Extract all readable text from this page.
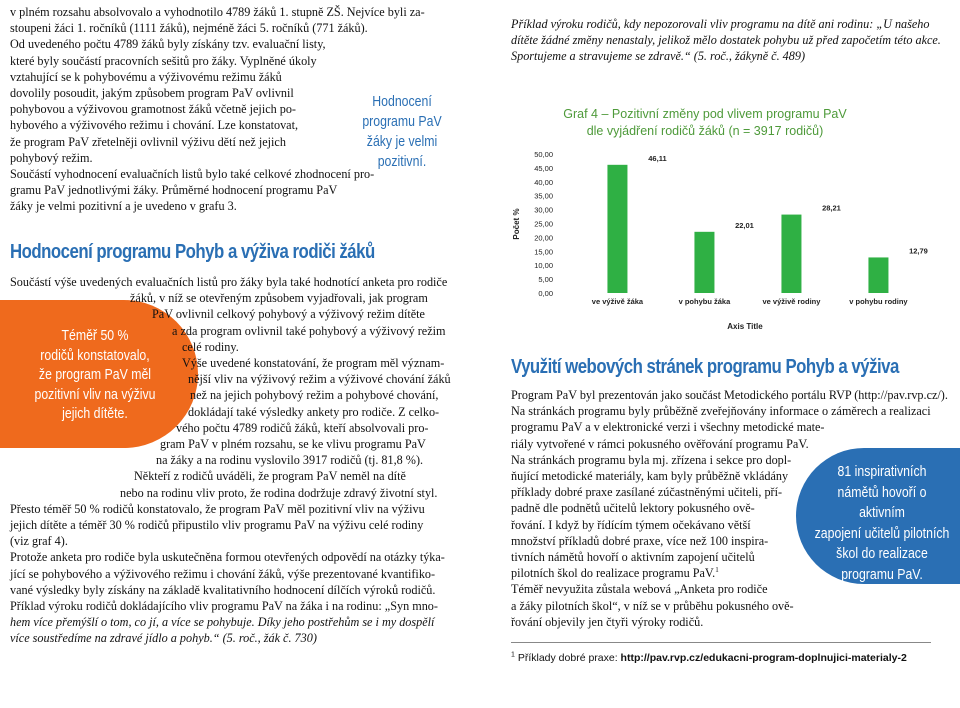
v plném rozsahu absolvovalo a vyhodnotilo 4789 žáků 1. stupně ZŠ. Nejvíce byli za-
stoupeni žáci 1. ročníků (1111 žáků), nejméně žáci 5. ročníků (771 žáků).
Od uvedeného počtu 4789 žáků byly získány tzv. evaluační listy,
které byly součástí pracovních sešitů pro žáky. Vyplněné úkoly
vztahující se k pohybovému a výživovému režimu žáků
dovolily posoudit, jakým způsobem program PaV ovlivnil
pohybovou a výživovou gramotnost žáků včetně jejich po-
hybového a výživového režimu i chování. Lze konstatovat,
že program PaV zřetelněji ovlivnil výživu dětí než jejich
pohybový režim.
Součástí vyhodnocení evaluačních listů bylo také celkové zhodnocení pro-
gramu PaV jednotlivými žáky. Průměrné hodnocení programu PaV
žáky je velmi pozitivní a je uvedeno v grafu 3.
Hodnocení
programu PaV
žáky je velmi
pozitivní.
Hodnocení programu Pohyb a výživa rodiči žáků
Téměř 50 %
rodičů konstatovalo,
že program PaV měl
pozitivní vliv na výživu
jejich dítěte.
Součástí výše uvedených evaluačních listů pro žáky byla také hodnotící anketa pro rodiče
žáků, v níž se otevřeným způsobem vyjadřovali, jak program
PaV ovlivnil celkový pohybový a výživový režim dítěte
a zda program ovlivnil také pohybový a výživový režim
celé rodiny.
Výše uvedené konstatování, že program měl význam-
nější vliv na výživový režim a výživové chování žáků
než na jejich pohybový režim a pohybové chování,
dokládají také výsledky ankety pro rodiče. Z celko-
vého počtu 4789 rodičů žáků, kteří absolvovali pro-
gram PaV v plném rozsahu, se ke vlivu programu PaV
na žáky a na rodinu vyslovilo 3917 rodičů (tj. 81,8 %).
Někteří z rodičů uváděli, že program PaV neměl na dítě
nebo na rodinu vliv proto, že rodina dodržuje zdravý životní styl.
Přesto téměř 50 % rodičů konstatovalo, že program PaV měl pozitivní vliv na výživu
jejich dítěte a téměř 30 % rodičů připustilo vliv programu PaV na výživu celé rodiny
(viz graf 4).
Protože anketa pro rodiče byla uskutečněna formou otevřených odpovědí na otázky týka-
jící se pohybového a výživového režimu i chování žáků, výše prezentované kvantifiko-
vané výsledky byly získány na základě kvalitativního hodnocení dílčích výroků rodičů.
Příklad výroku rodičů dokládajícího vliv programu PaV na žáka i na rodinu: „Syn mno-
hem více přemýšlí o tom, co jí, a více se pohybuje. Díky jeho postřehům se i my dospělí
více soustředíme na zdravé jídlo a pohyb.“ (5. roč., žák č. 730)
Příklad výroku rodičů, kdy nepozorovali vliv programu na dítě ani rodinu: „U našeho
dítěte žádné změny nenastaly, jelikož mělo dostatek pohybu už před započetím této akce.
Sportujeme a stravujeme se zdravě.“ (5. roč., žákyně č. 489)
Graf 4 – Pozitivní změny pod vlivem programu PaV
dle vyjádření rodičů žáků (n = 3917 rodičů)
0,00
5,00
10,00
15,00
20,00
25,00
30,00
35,00
40,00
45,00
50,00
Počet %
46,11
ve výživě žáka
22,01
v pohybu žáka
28,21
ve výživě rodiny
12,79
v pohybu rodiny
Axis Title
Využití webových stránek programu Pohyb a výživa
81 inspirativních
námětů hovoří o aktivním
zapojení učitelů pilotních
škol do realizace
programu PaV.
Program PaV byl prezentován jako součást Metodického portálu RVP (http://pav.rvp.cz/).
Na stránkách programu byly průběžně zveřejňovány informace o záměrech a realizaci
programu PaV a v elektronické verzi i všechny metodické mate-
riály vytvořené v rámci pokusného ověřování programu PaV.
Na stránkách programu byla mj. zřízena i sekce pro dopl-
ňující metodické materiály, kam byly průběžně vkládány
příklady dobré praxe zasílané zúčastněnými učiteli, pří-
padně dle podnětů učitelů lektory pokusného ově-
řování. I když by řídícím týmem očekávano větší
množství příkladů dobré praxe, více než 100 inspira-
tivních námětů hovoří o aktivním zapojení učitelů
pilotních škol do realizace programu PaV.$^1$
Téměř nevyužita zůstala webová „Anketa pro rodiče
a žáky pilotních škol“, v níž se v průběhu pokusného ově-
řování objevily jen čtyři výroky rodičů.
$^1$ Příklady dobré praxe: http://pav.rvp.cz/edukacni-program-doplnujici-materialy-2
